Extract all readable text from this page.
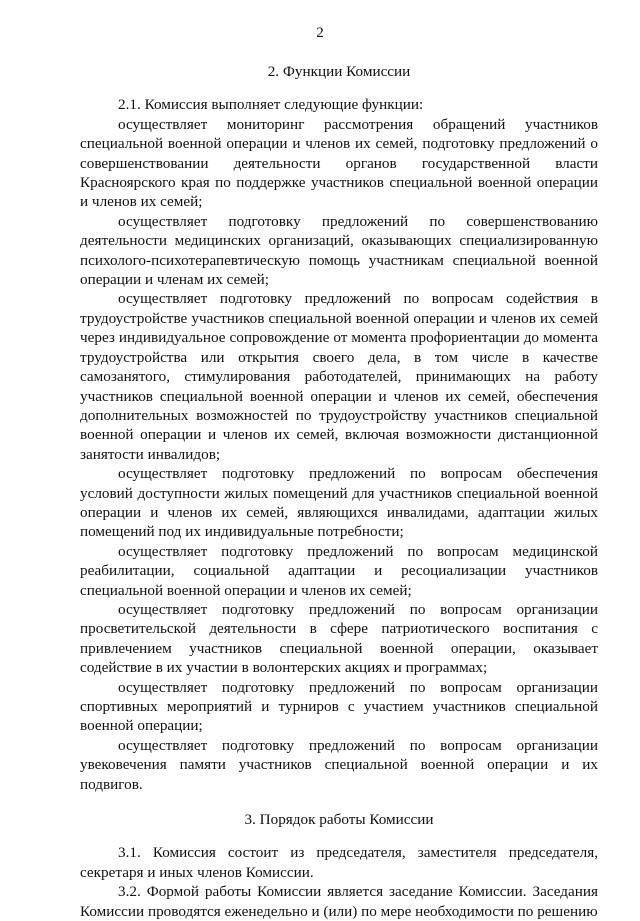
2
2. Функции Комиссии

2.1. Комиссия выполняет следующие функции:

осуществляет мониторинг рассмотрения обращений участников специальной военной операции и членов их семей, подготовку предложений о совершенствовании деятельности органов государственной власти Красноярского края по поддержке участников специальной военной операции и членов их семей;

осуществляет подготовку предложений по совершенствованию деятельности медицинских организаций, оказывающих специализированную психолого-психотерапевтическую помощь участникам специальной военной операции и членам их семей;

осуществляет подготовку предложений по вопросам содействия в трудоустройстве участников специальной военной операции и членов их семей через индивидуальное сопровождение от момента профориентации до момента трудоустройства или открытия своего дела, в том числе в качестве самозанятого, стимулирования работодателей, принимающих на работу участников специальной военной операции и членов их семей, обеспечения дополнительных возможностей по трудоустройству участников специальной военной операции и членов их семей, включая возможности дистанционной занятости инвалидов;

осуществляет подготовку предложений по вопросам обеспечения условий доступности жилых помещений для участников специальной военной операции и членов их семей, являющихся инвалидами, адаптации жилых помещений под их индивидуальные потребности;

осуществляет подготовку предложений по вопросам медицинской реабилитации, социальной адаптации и ресоциализации участников специальной военной операции и членов их семей;

осуществляет подготовку предложений по вопросам организации просветительской деятельности в сфере патриотического воспитания с привлечением участников специальной военной операции, оказывает содействие в их участии в волонтерских акциях и программах;

осуществляет подготовку предложений по вопросам организации спортивных мероприятий и турниров с участием участников специальной военной операции;

осуществляет подготовку предложений по вопросам организации увековечения памяти участников специальной военной операции и их подвигов.

3. Порядок работы Комиссии

3.1. Комиссия состоит из председателя, заместителя председателя, секретаря и иных членов Комиссии.

3.2. Формой работы Комиссии является заседание Комиссии. Заседания Комиссии проводятся еженедельно и (или) по мере необходимости по решению
